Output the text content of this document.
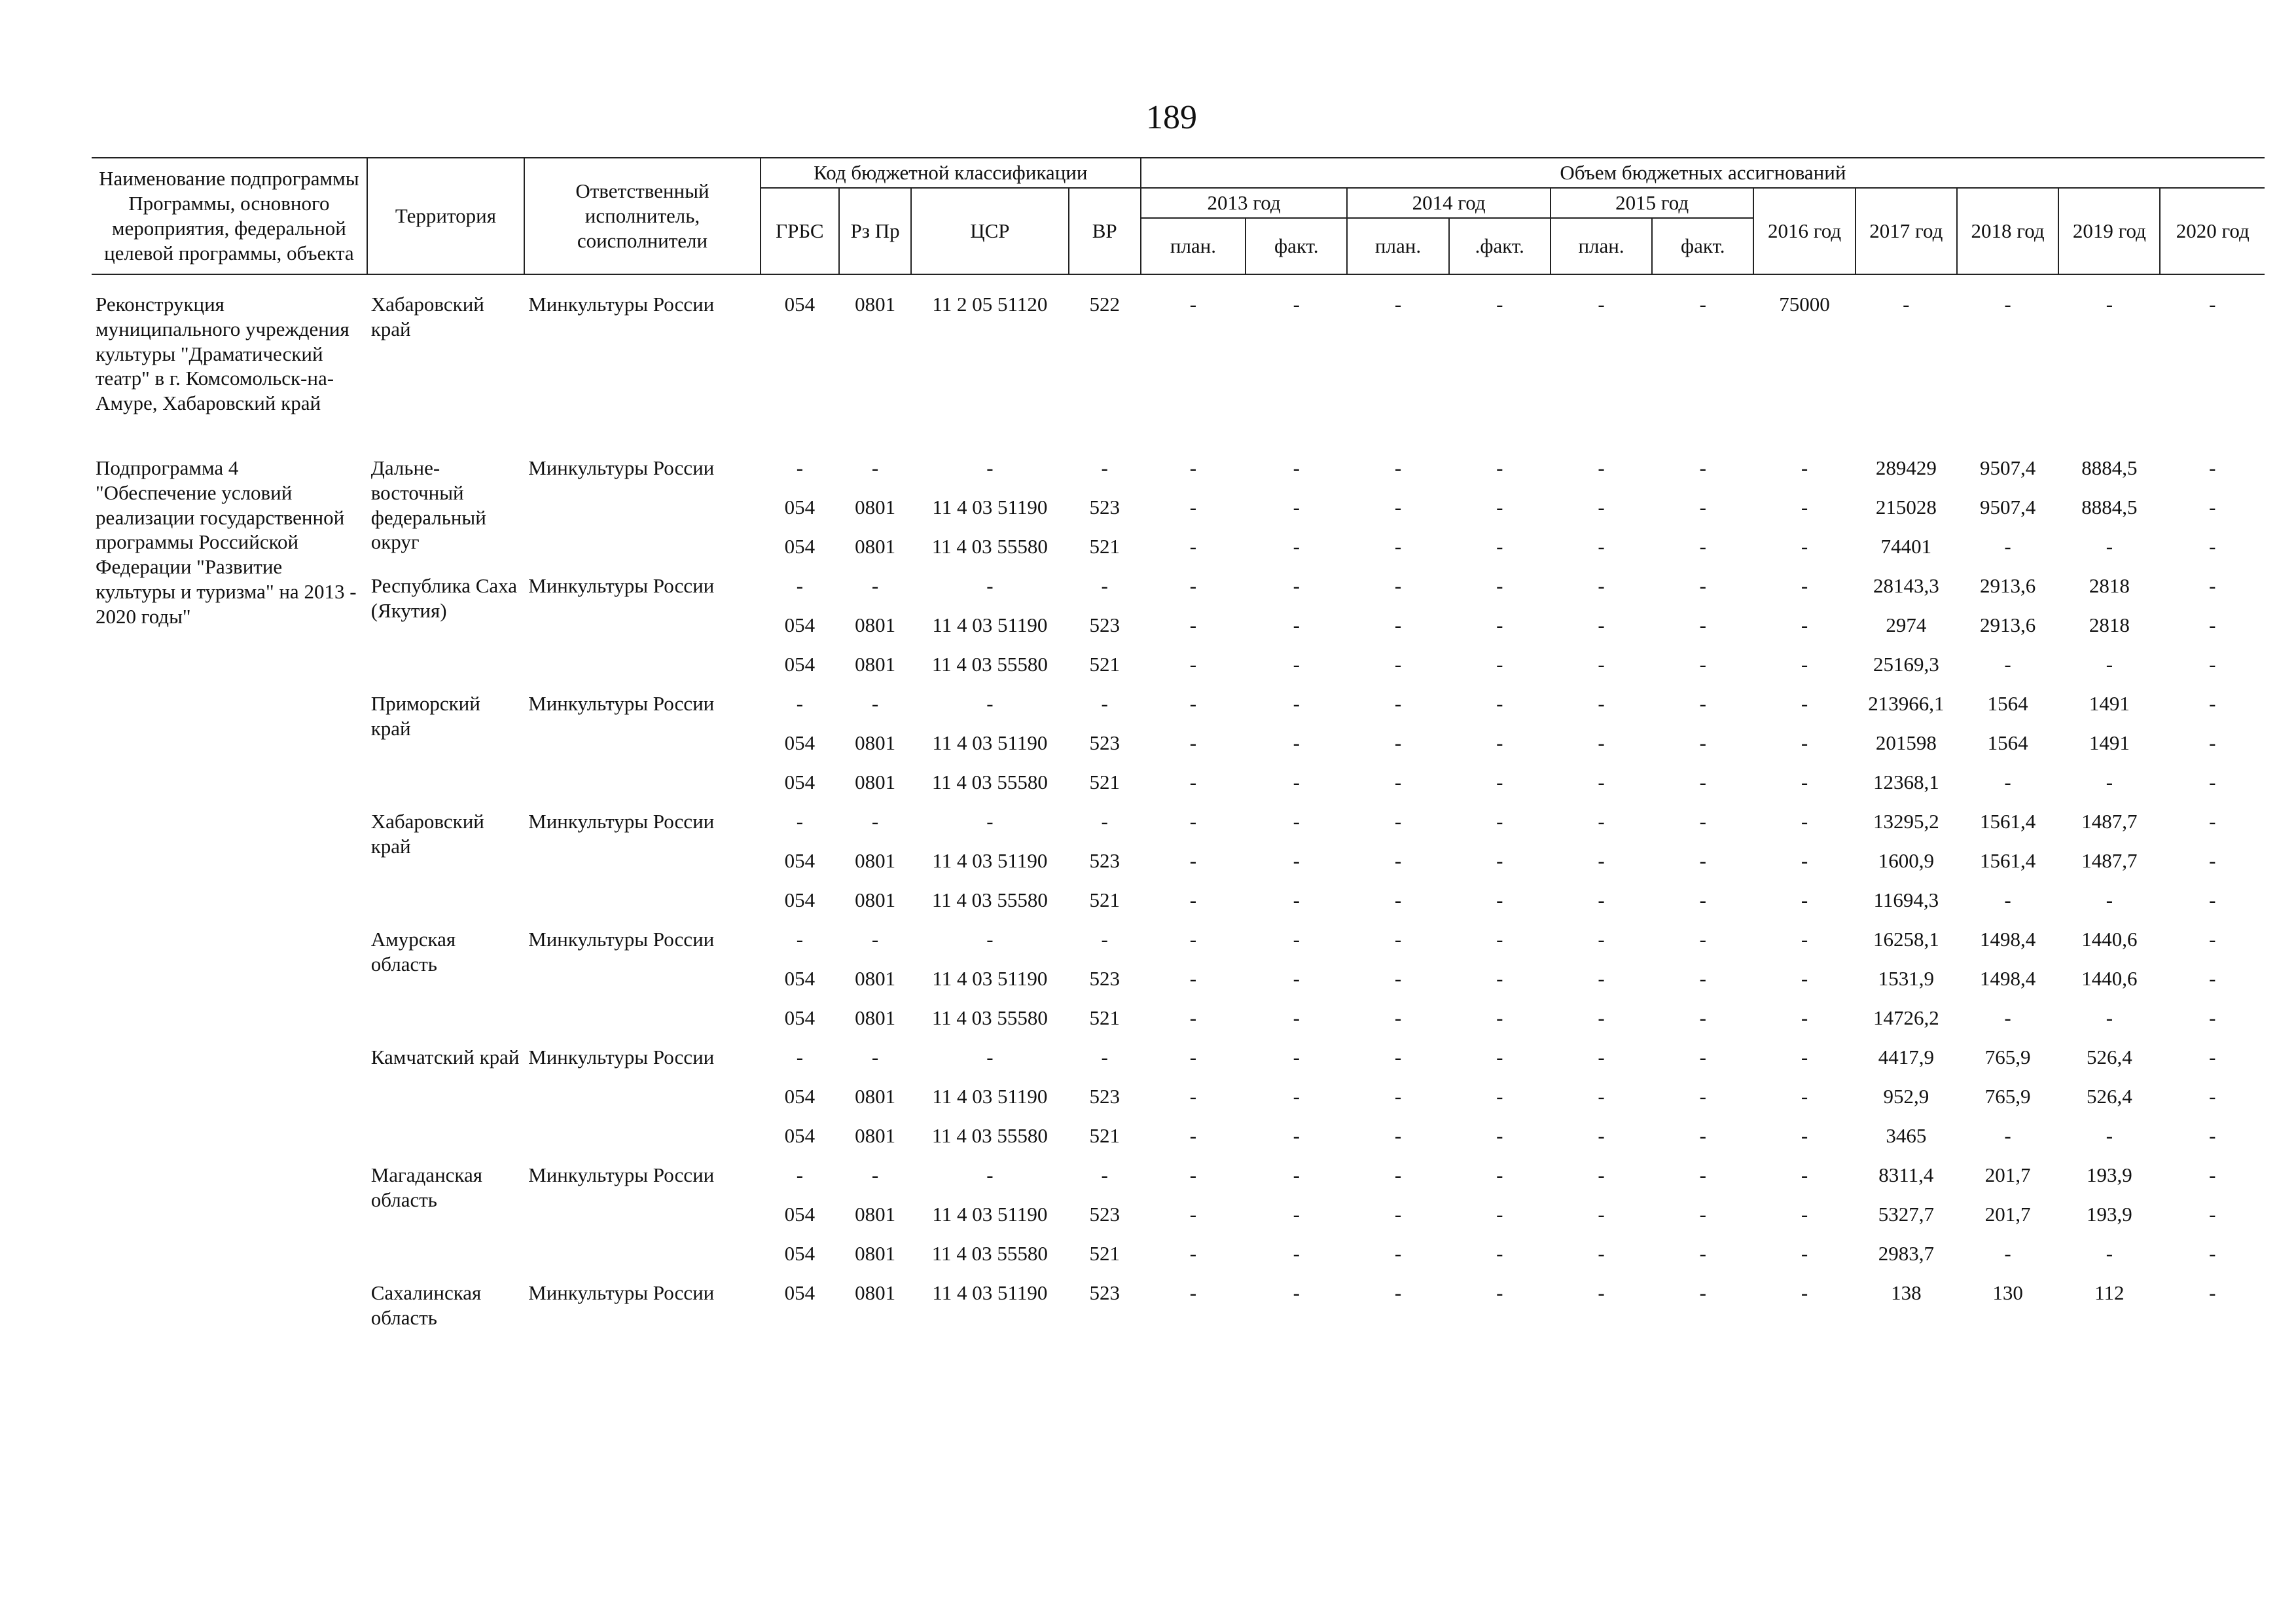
189
Наименование подпрограммы Программы, основного мероприятия, федеральной целевой программы, объекта	Территория	Ответственный исполнитель, соисполнители	Код бюджетной классификации				Объем бюджетных ассигнований										
			ГРБС	Рз Пр	ЦСР	ВР	2013 год		2014 год		2015 год		2016 год	2017 год	2018 год	2019 год	2020 год
							план.	факт.	план.	.факт.	план.	факт.					

Реконструкция муниципального учреждения культуры "Драматический театр" в г. Комсомольск-на-Амуре, Хабаровский край	Хабаровский край	Минкультуры России	054	0801	11 2 05 51120	522	-	-	-	-	-	-	75000	-	-	-	-
Подпрограмма 4 "Обеспечение условий реализации государственной программы Российской Федерации "Развитие культуры и туризма" на 2013 - 2020 годы"	Дальне-восточный федеральный округ	Минкультуры России	-	-	-	-	-	-	-	-	-	-	-	289429	9507,4	8884,5	-
			054	0801	11 4 03 51190	523	-	-	-	-	-	-	-	215028	9507,4	8884,5	-
			054	0801	11 4 03 55580	521	-	-	-	-	-	-	-	74401	-	-	-
	Республика Саха (Якутия)	Минкультуры России	-	-	-	-	-	-	-	-	-	-	-	28143,3	2913,6	2818	-
			054	0801	11 4 03 51190	523	-	-	-	-	-	-	-	2974	2913,6	2818	-
			054	0801	11 4 03 55580	521	-	-	-	-	-	-	-	25169,3	-	-	-
	Приморский край	Минкультуры России	-	-	-	-	-	-	-	-	-	-	-	213966,1	1564	1491	-
			054	0801	11 4 03 51190	523	-	-	-	-	-	-	-	201598	1564	1491	-
			054	0801	11 4 03 55580	521	-	-	-	-	-	-	-	12368,1	-	-	-
	Хабаровский край	Минкультуры России	-	-	-	-	-	-	-	-	-	-	-	13295,2	1561,4	1487,7	-
			054	0801	11 4 03 51190	523	-	-	-	-	-	-	-	1600,9	1561,4	1487,7	-
			054	0801	11 4 03 55580	521	-	-	-	-	-	-	-	11694,3	-	-	-
	Амурская область	Минкультуры России	-	-	-	-	-	-	-	-	-	-	-	16258,1	1498,4	1440,6	-
			054	0801	11 4 03 51190	523	-	-	-	-	-	-	-	1531,9	1498,4	1440,6	-
			054	0801	11 4 03 55580	521	-	-	-	-	-	-	-	14726,2	-	-	-
	Камчатский край	Минкультуры России	-	-	-	-	-	-	-	-	-	-	-	4417,9	765,9	526,4	-
			054	0801	11 4 03 51190	523	-	-	-	-	-	-	-	952,9	765,9	526,4	-
			054	0801	11 4 03 55580	521	-	-	-	-	-	-	-	3465	-	-	-
	Магаданская область	Минкультуры России	-	-	-	-	-	-	-	-	-	-	-	8311,4	201,7	193,9	-
			054	0801	11 4 03 51190	523	-	-	-	-	-	-	-	5327,7	201,7	193,9	-
			054	0801	11 4 03 55580	521	-	-	-	-	-	-	-	2983,7	-	-	-
	Сахалинская область	Минкультуры России	054	0801	11 4 03 51190	523	-	-	-	-	-	-	-	138	130	112	-
